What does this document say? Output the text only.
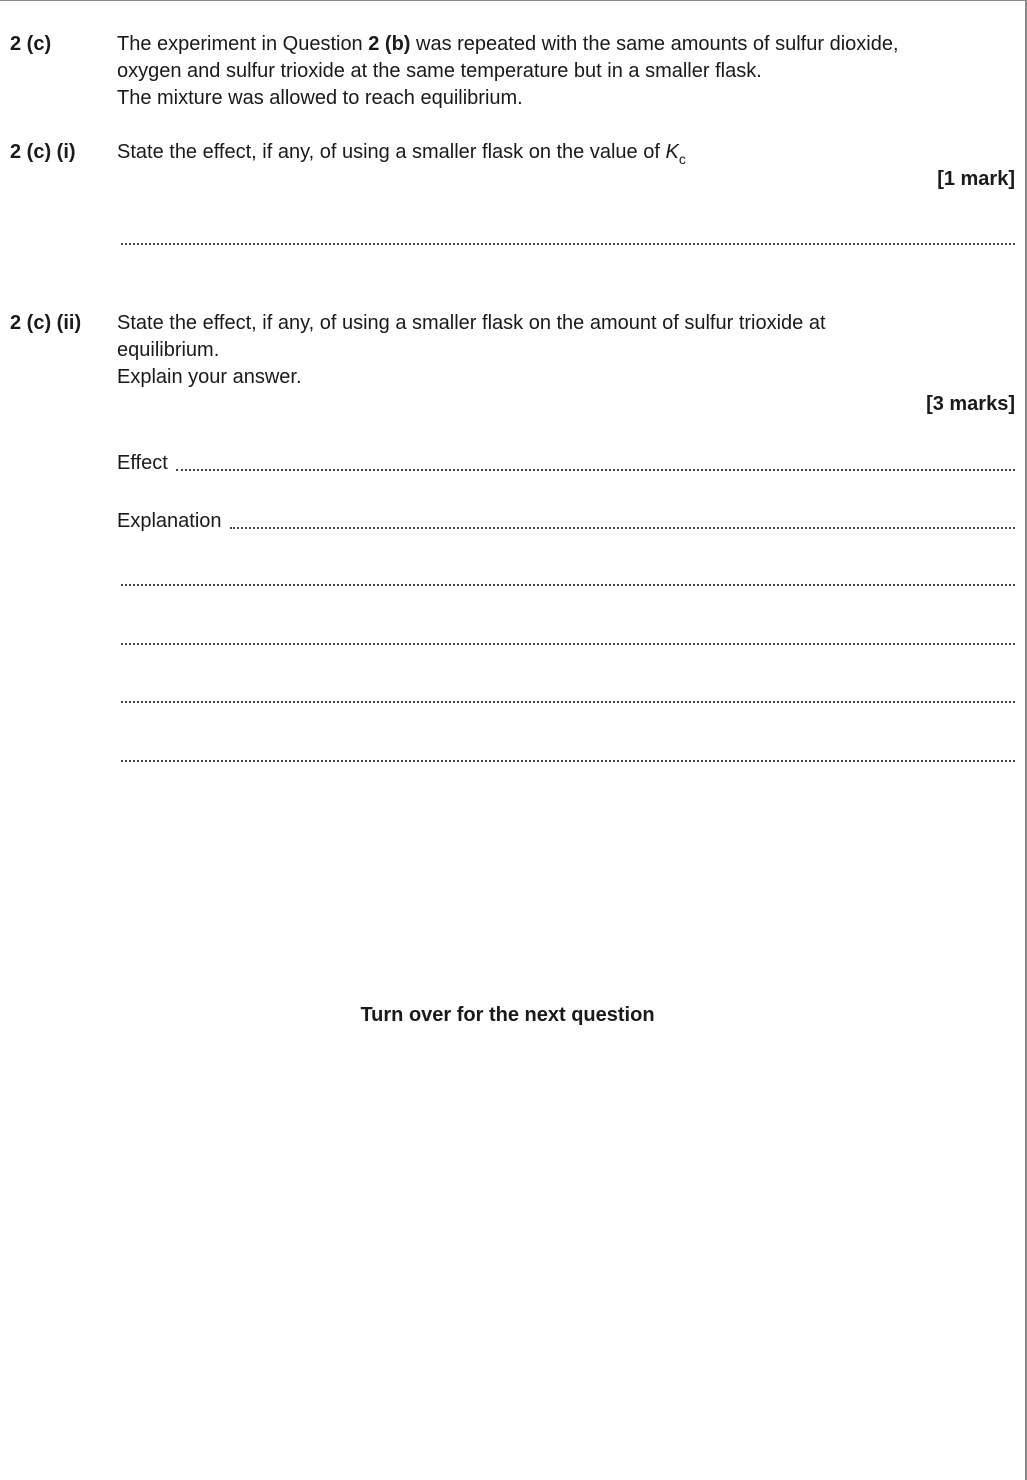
2 (c)	The experiment in Question 2 (b) was repeated with the same amounts of sulfur dioxide,

oxygen and sulfur trioxide at the same temperature but in a smaller flask.

The mixture was allowed to reach equilibrium.

2 (c) (i) State the effect, if any, of using a smaller flask on the value of $K_c$

[1 mark]
2 (c) (ii) State the effect, if any, of using a smaller flask on the amount of sulfur trioxide at

equilibrium.

Explain your answer.

[3 marks]
Effect
Explanation
Turn over for the next question
